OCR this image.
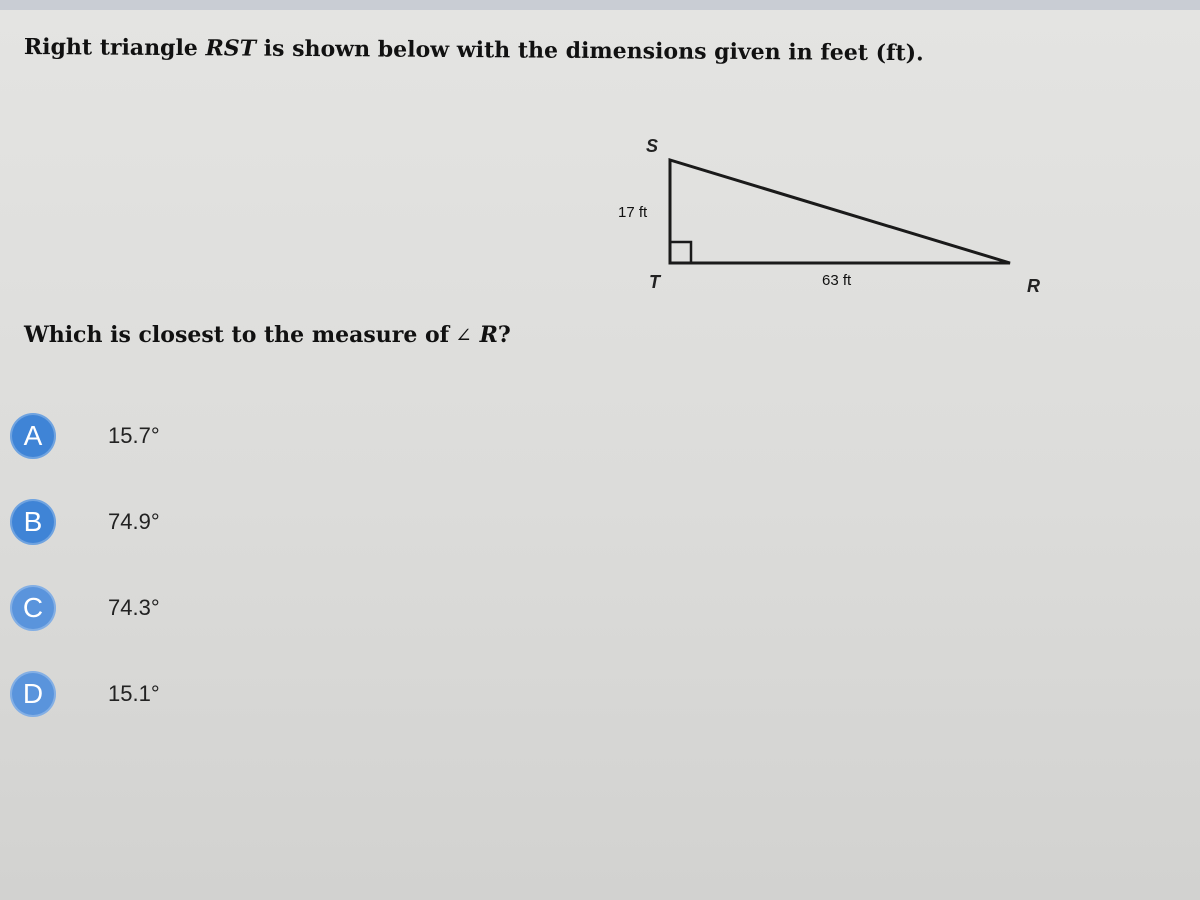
Right triangle RST is shown below with the dimensions given in feet (ft).

S
T	R
17 ft
63 ft

Which is closest to the measure of ∠ R?

A	15.7°
B	74.9°
C	74.3°
D	15.1°
